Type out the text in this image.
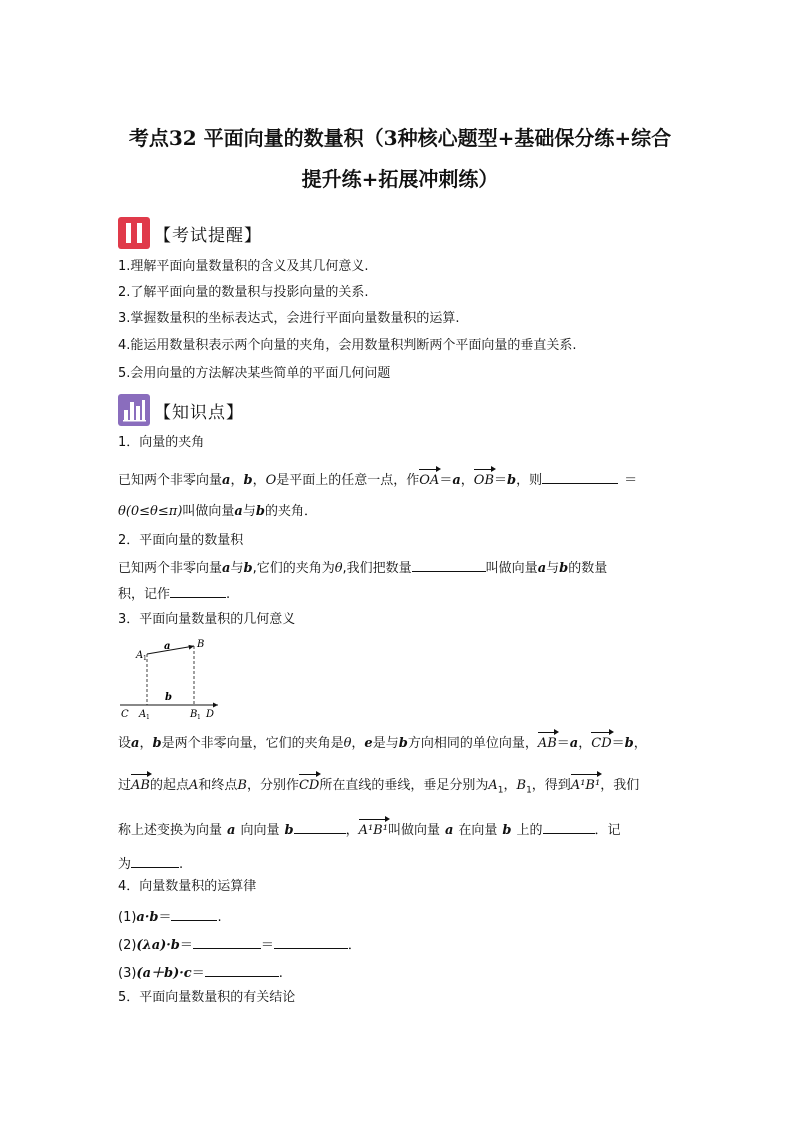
考点32 平面向量的数量积（3种核心题型+基础保分练+综合
提升练+拓展冲刺练）
【考试提醒】
1.理解平面向量数量积的含义及其几何意义.
2.了解平面向量的数量积与投影向量的关系.
3.掌握数量积的坐标表达式，会进行平面向量数量积的运算.
4.能运用数量积表示两个向量的夹角，会用数量积判断两个平面向量的垂直关系.
5.会用向量的方法解决某些简单的平面几何问题
【知识点】
1．向量的夹角
已知两个非零向量a，b，O是平面上的任意一点，作OA＝a，OB＝b，则	＝
θ(0≤θ≤π)叫做向量a与b的夹角．
2．平面向量的数量积
已知两个非零向量a与b,它们的夹角为θ,我们把数量	叫做向量a与b的数量
积，记作	.
3．平面向量数量积的几何意义
A 1
B
a
b
C A 1	B 1 D
设a，b是两个非零向量，它们的夹角是θ，e是与b方向相同的单位向量，AB＝a，CD＝b，
过AB的起点A和终点B，分别作CD所在直线的垂线，垂足分别为$A_1$，$B_1$，得到A¹B¹，我们
称上述变换为向量 a 向向量 b	，A¹B¹叫做向量 a 在向量 b 上的	．记
为	.
4．向量数量积的运算律
(1)a·b＝	.
(2)(λa)·b＝	＝	．
(3)(a＋b)·c＝	.
5．平面向量数量积的有关结论
